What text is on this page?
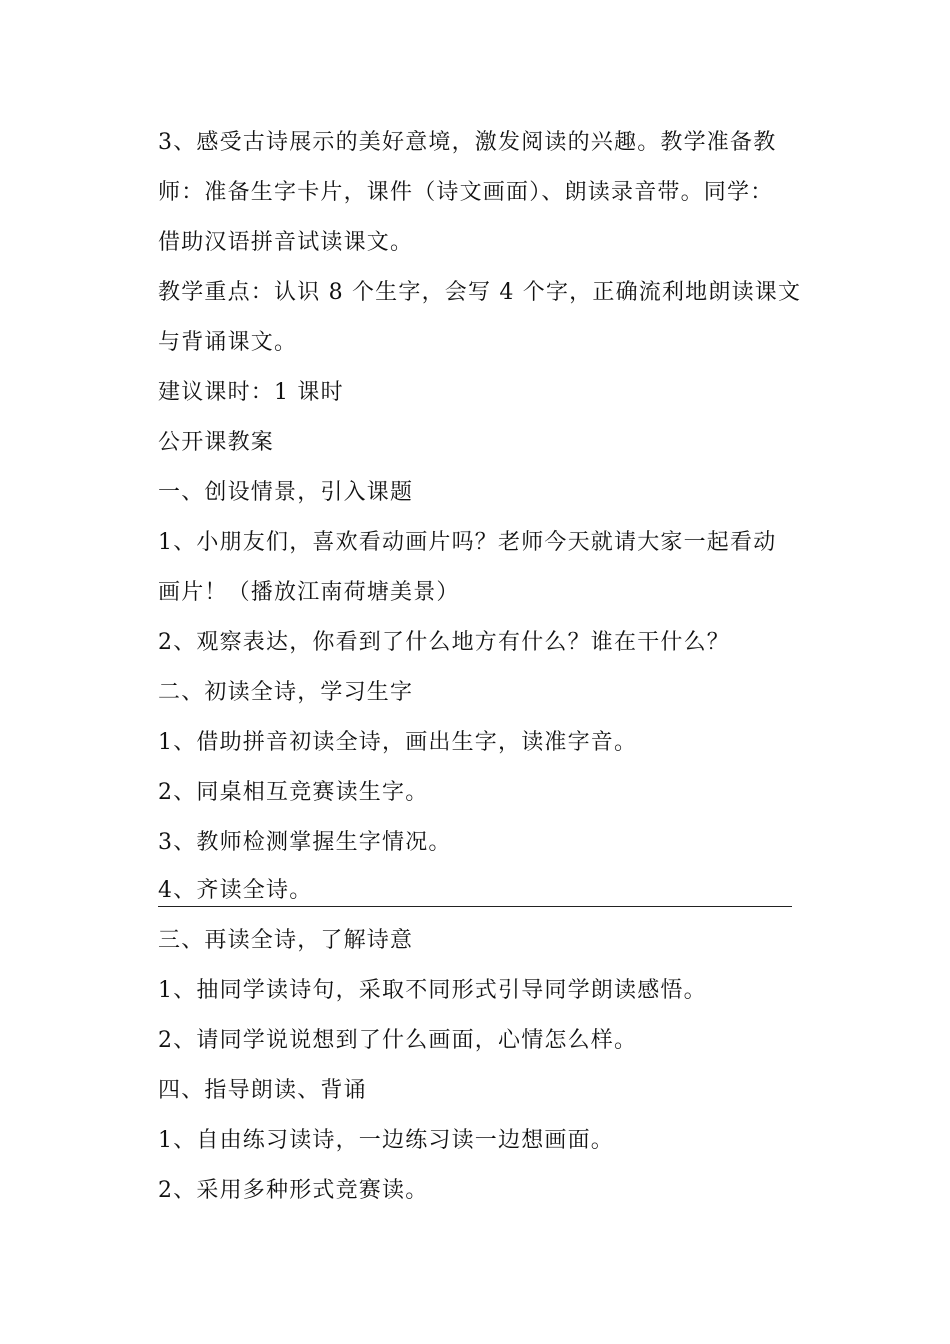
3、感受古诗展示的美好意境，激发阅读的兴趣。教学准备教
师：准备生字卡片，课件（诗文画面）、朗读录音带。同学：
借助汉语拼音试读课文。
教学重点：认识 8 个生字，会写 4 个字，正确流利地朗读课文
与背诵课文。
建议课时：1 课时
公开课教案
一、创设情景，引入课题
1、小朋友们，喜欢看动画片吗？老师今天就请大家一起看动
画片！（播放江南荷塘美景）
2、观察表达，你看到了什么地方有什么？谁在干什么？
二、初读全诗，学习生字
1、借助拼音初读全诗，画出生字，读准字音。
2、同桌相互竞赛读生字。
3、教师检测掌握生字情况。
4、齐读全诗。
三、再读全诗，了解诗意
1、抽同学读诗句，采取不同形式引导同学朗读感悟。
2、请同学说说想到了什么画面，心情怎么样。
四、指导朗读、背诵
1、自由练习读诗，一边练习读一边想画面。
2、采用多种形式竞赛读。
